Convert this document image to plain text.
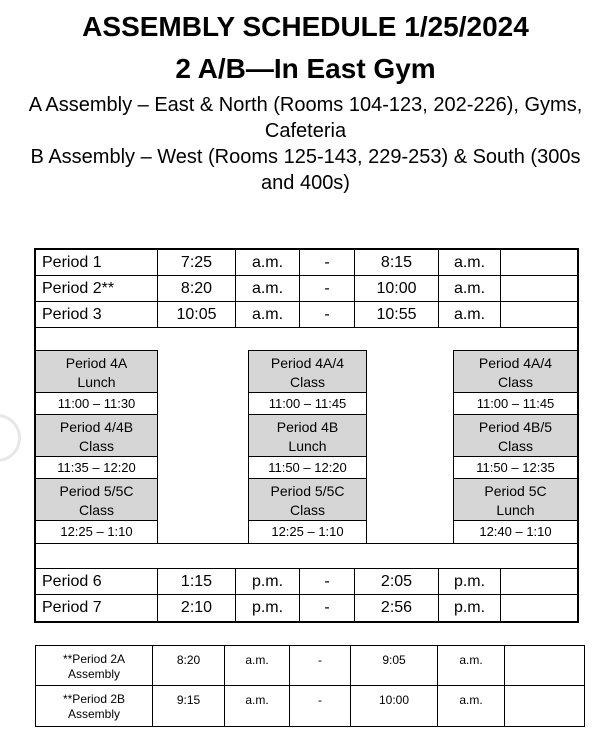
ASSEMBLY SCHEDULE 1/25/2024
2 A/B—In East Gym
A Assembly – East & North (Rooms 104-123, 202-226), Gyms, Cafeteria
B Assembly – West (Rooms 125-143, 229-253) & South (300s and 400s)
Period 1	7:25	a.m.	-	8:15	a.m.
Period 2**	8:20	a.m.	-	10:00	a.m.
Period 3	10:05	a.m.	-	10:55	a.m.
Period 4A
Lunch
11:00 – 11:30
Period 4/4B
Class
11:35 – 12:20
Period 5/5C
Class
12:25 – 1:10
Period 4A/4
Class
11:00 – 11:45
Period 4B
Lunch
11:50 – 12:20
Period 5/5C
Class
12:25 – 1:10
Period 4A/4
Class
11:00 – 11:45
Period 4B/5
Class
11:50 – 12:35
Period 5C
Lunch
12:40 – 1:10
Period 6	1:15	p.m.	-	2:05	p.m.
Period 7	2:10	p.m.	-	2:56	p.m.
**Period 2A
Assembly
8:20	a.m.	-	9:05	a.m.
**Period 2B
Assembly
9:15	a.m.	-	10:00	a.m.
